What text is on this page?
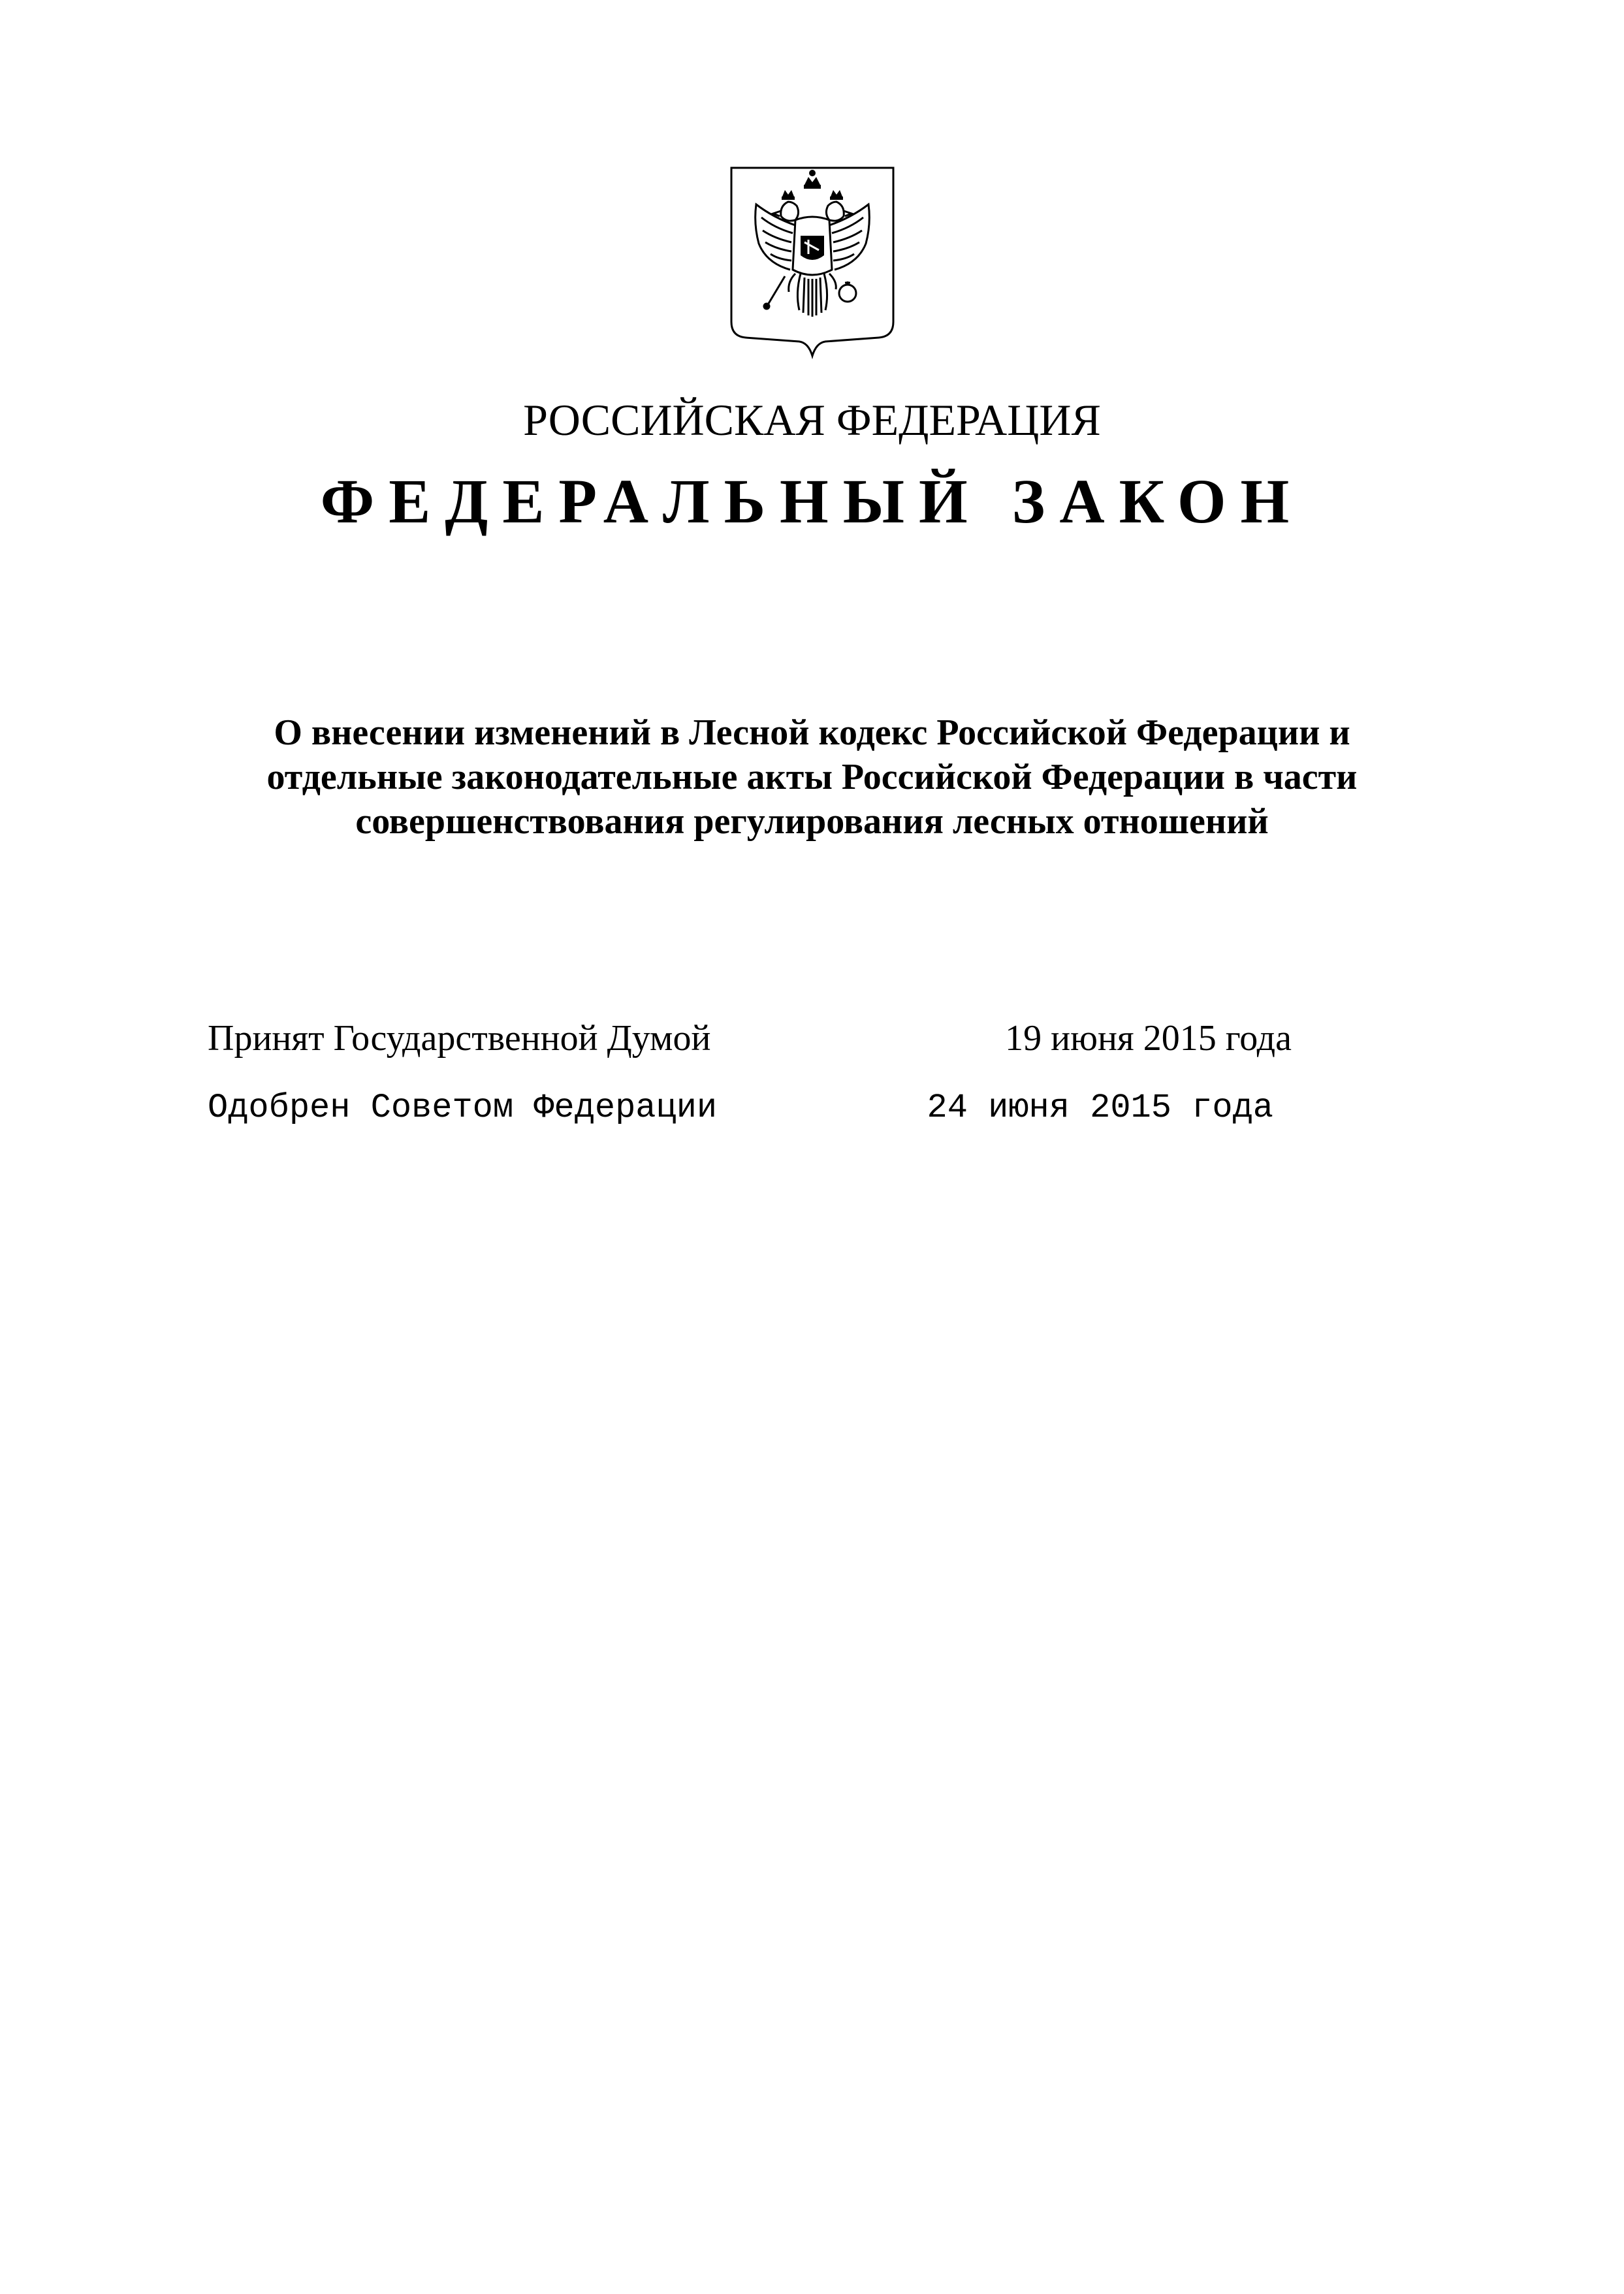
РОССИЙСКАЯ ФЕДЕРАЦИЯ
ФЕДЕРАЛЬНЫЙ ЗАКОН
О внесении изменений в Лесной кодекс Российской Федерации и
отдельные законодательные акты Российской Федерации в части
совершенствования регулирования лесных отношений
Принят Государственной Думой	19 июня 2015 года
Одобрен Советом Федерации	24 июня 2015 года
